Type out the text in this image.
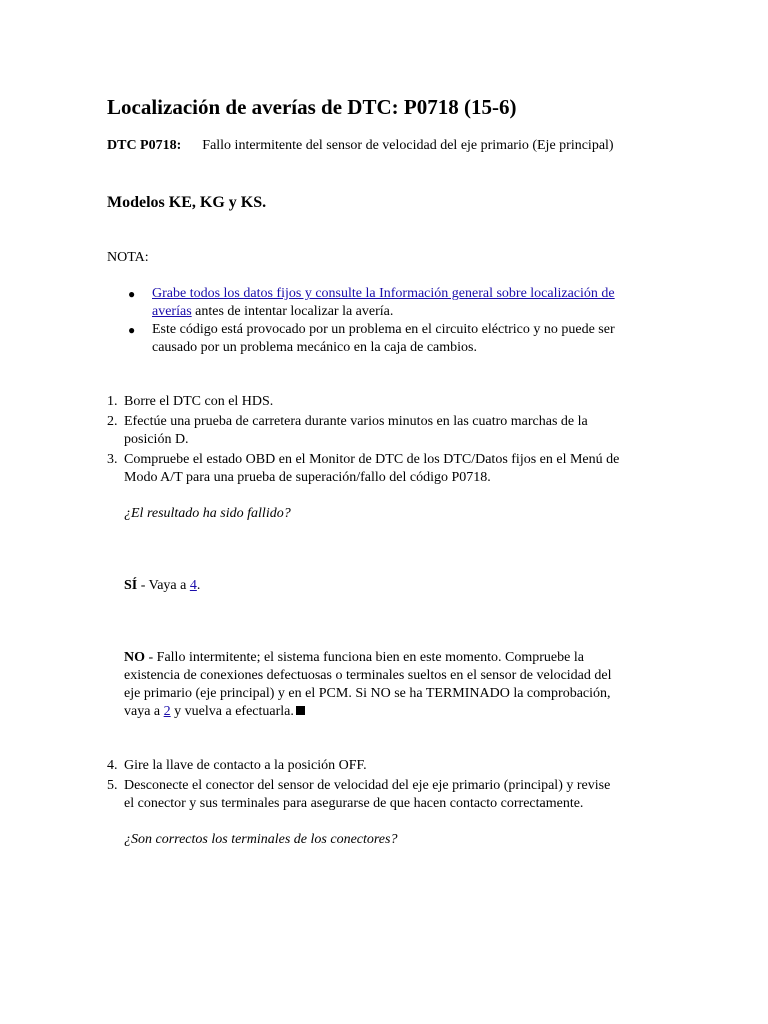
Localización de averías de DTC: P0718 (15-6)
DTC P0718: Fallo intermitente del sensor de velocidad del eje primario (Eje principal)
Modelos KE, KG y KS.
NOTA:
● Grabe todos los datos fijos y consulte la Información general sobre localización de
averías antes de intentar localizar la avería.
● Este código está provocado por un problema en el circuito eléctrico y no puede ser
causado por un problema mecánico en la caja de cambios.
1. Borre el DTC con el HDS.
2. Efectúe una prueba de carretera durante varios minutos en las cuatro marchas de la
posición D.
3. Compruebe el estado OBD en el Monitor de DTC de los DTC/Datos fijos en el Menú de
Modo A/T para una prueba de superación/fallo del código P0718.
¿El resultado ha sido fallido?
SÍ - Vaya a 4.
NO - Fallo intermitente; el sistema funciona bien en este momento. Compruebe la
existencia de conexiones defectuosas o terminales sueltos en el sensor de velocidad del
eje primario (eje principal) y en el PCM. Si NO se ha TERMINADO la comprobación,
vaya a 2 y vuelva a efectuarla.
4. Gire la llave de contacto a la posición OFF.
5. Desconecte el conector del sensor de velocidad del eje eje primario (principal) y revise
el conector y sus terminales para asegurarse de que hacen contacto correctamente.
¿Son correctos los terminales de los conectores?
